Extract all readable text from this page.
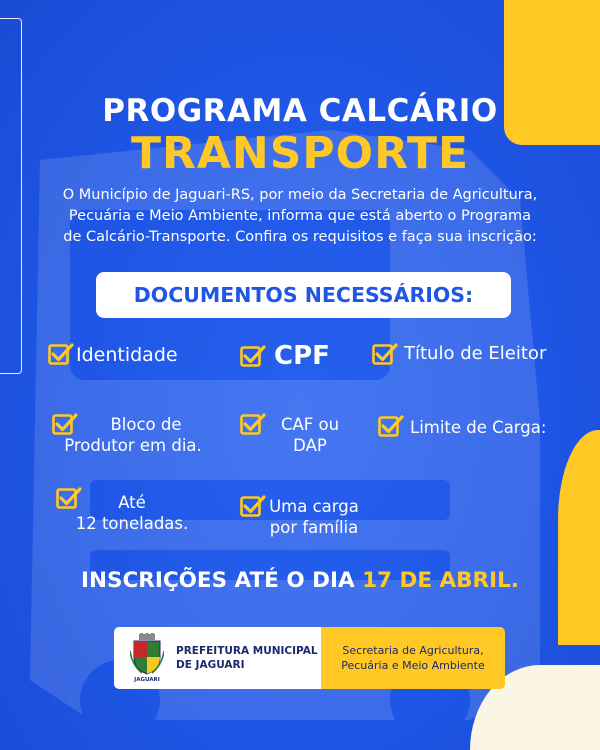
PROGRAMA CALCÁRIO
TRANSPORTE
O Município de Jaguari-RS, por meio da Secretaria de Agricultura,
Pecuária e Meio Ambiente, informa que está aberto o Programa
de Calcário-Transporte. Confira os requisitos e faça sua inscrição:
DOCUMENTOS NECESSÁRIOS:
Identidade	CPF	Título de Eleitor
Bloco de
Produtor em dia.
CAF ou
DAP
Limite de Carga:
Até
12 toneladas.
Uma carga
por família
INSCRIÇÕES ATÉ O DIA 17 DE ABRIL.
JAGUARI
PREFEITURA MUNICIPAL
DE JAGUARI
Secretaria de Agricultura,
Pecuária e Meio Ambiente
